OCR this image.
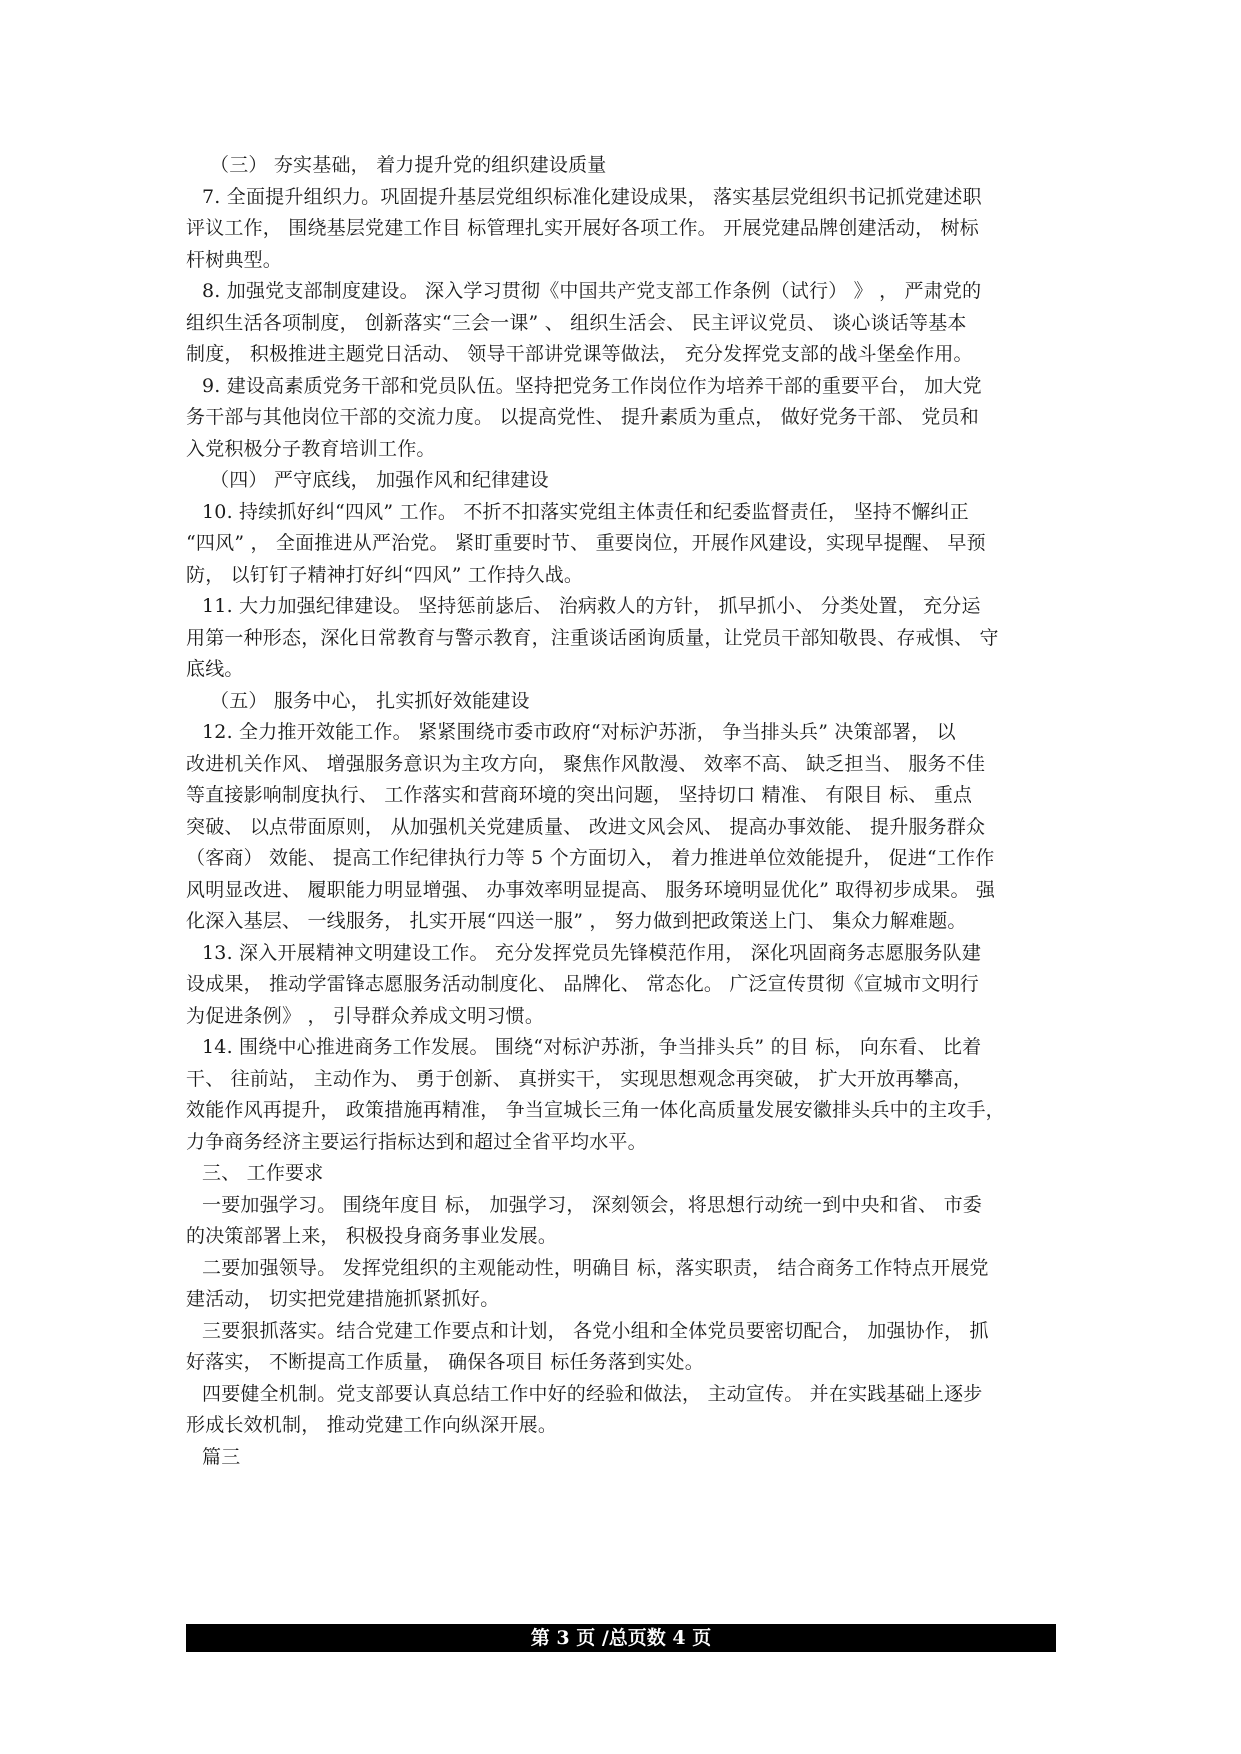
（三） 夯实基础， 着力提升党的组织建设质量
7. 全面提升组织力。巩固提升基层党组织标准化建设成果， 落实基层党组织书记抓党建述职
评议工作， 围绕基层党建工作目 标管理扎实开展好各项工作。 开展党建品牌创建活动， 树标
杆树典型。
8. 加强党支部制度建设。 深入学习贯彻《中国共产党支部工作条例（试行） 》 ， 严肃党的
组织生活各项制度， 创新落实“三会一课” 、 组织生活会、 民主评议党员、 谈心谈话等基本
制度， 积极推进主题党日活动、 领导干部讲党课等做法， 充分发挥党支部的战斗堡垒作用。
9. 建设高素质党务干部和党员队伍。坚持把党务工作岗位作为培养干部的重要平台， 加大党
务干部与其他岗位干部的交流力度。 以提高党性、 提升素质为重点， 做好党务干部、 党员和
入党积极分子教育培训工作。
（四） 严守底线， 加强作风和纪律建设
10. 持续抓好纠“四风” 工作。 不折不扣落实党组主体责任和纪委监督责任， 坚持不懈纠正
“四风” ， 全面推进从严治党。 紧盯重要时节、 重要岗位，开展作风建设，实现早提醒、 早预
防， 以钉钉子精神打好纠“四风” 工作持久战。
11. 大力加强纪律建设。 坚持惩前毖后、 治病救人的方针， 抓早抓小、 分类处置， 充分运
用第一种形态，深化日常教育与警示教育，注重谈话函询质量，让党员干部知敬畏、存戒惧、 守
底线。
（五） 服务中心， 扎实抓好效能建设
12. 全力推开效能工作。 紧紧围绕市委市政府“对标沪苏浙， 争当排头兵” 决策部署， 以
改进机关作风、 增强服务意识为主攻方向， 聚焦作风散漫、 效率不高、 缺乏担当、 服务不佳
等直接影响制度执行、 工作落实和营商环境的突出问题， 坚持切口 精准、 有限目 标、 重点
突破、 以点带面原则， 从加强机关党建质量、 改进文风会风、 提高办事效能、 提升服务群众
（客商） 效能、 提高工作纪律执行力等 5 个方面切入， 着力推进单位效能提升， 促进“工作作
风明显改进、 履职能力明显增强、 办事效率明显提高、 服务环境明显优化” 取得初步成果。 强
化深入基层、 一线服务， 扎实开展“四送一服” ， 努力做到把政策送上门、 集众力解难题。
13. 深入开展精神文明建设工作。 充分发挥党员先锋模范作用， 深化巩固商务志愿服务队建
设成果， 推动学雷锋志愿服务活动制度化、 品牌化、 常态化。 广泛宣传贯彻《宣城市文明行
为促进条例》 ， 引导群众养成文明习惯。
14. 围绕中心推进商务工作发展。 围绕“对标沪苏浙，争当排头兵” 的目 标， 向东看、 比着
干、 往前站， 主动作为、 勇于创新、 真拼实干， 实现思想观念再突破， 扩大开放再攀高，
效能作风再提升， 政策措施再精准， 争当宣城长三角一体化高质量发展安徽排头兵中的主攻手，
力争商务经济主要运行指标达到和超过全省平均水平。
三、 工作要求
一要加强学习。 围绕年度目 标， 加强学习， 深刻领会，将思想行动统一到中央和省、 市委
的决策部署上来， 积极投身商务事业发展。
二要加强领导。 发挥党组织的主观能动性，明确目 标，落实职责， 结合商务工作特点开展党
建活动， 切实把党建措施抓紧抓好。
三要狠抓落实。结合党建工作要点和计划， 各党小组和全体党员要密切配合， 加强协作， 抓
好落实， 不断提高工作质量， 确保各项目 标任务落到实处。
四要健全机制。党支部要认真总结工作中好的经验和做法， 主动宣传。 并在实践基础上逐步
形成长效机制， 推动党建工作向纵深开展。
篇三
第 3 页 /总页数 4 页
